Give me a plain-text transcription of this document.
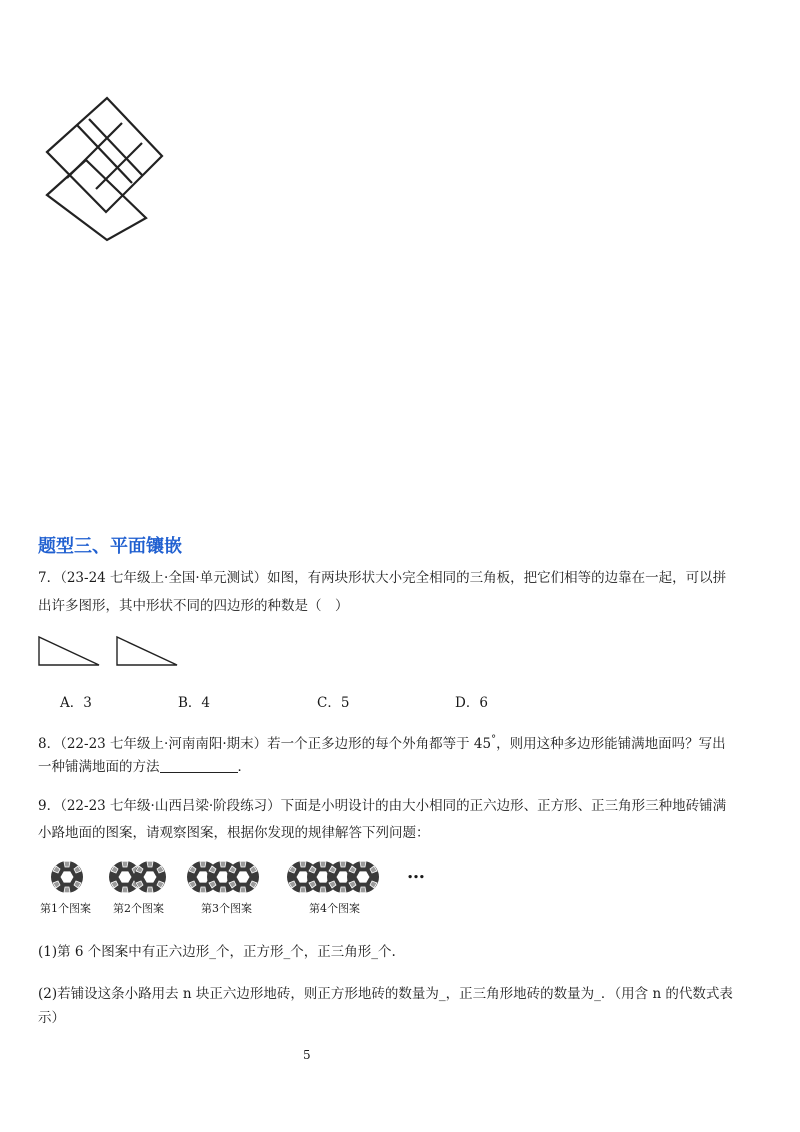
题型三、平面镶嵌
7．（23-24 七年级上·全国·单元测试）如图，有两块形状大小完全相同的三角板，把它们相等的边靠在一起，可以拼
出许多图形，其中形状不同的四边形的种数是（　）
A．3	B．4	C．5	D．6
8．（22-23 七年级上·河南南阳·期末）若一个正多边形的每个外角都等于 45°，则用这种多边形能铺满地面吗？写出
一种铺满地面的方法	．
9．（22-23 七年级·山西吕梁·阶段练习）下面是小明设计的由大小相同的正六边形、正方形、正三角形三种地砖铺满
小路地面的图案，请观察图案，根据你发现的规律解答下列问题：
…
第1个图案 第2个图案	第3个图案	第4个图案
(1)第 6 个图案中有正六边形_个，正方形_个，正三角形_个.
(2)若铺设这条小路用去 n 块正六边形地砖，则正方形地砖的数量为_，正三角形地砖的数量为_．（用含 n 的代数式表
示）
5
